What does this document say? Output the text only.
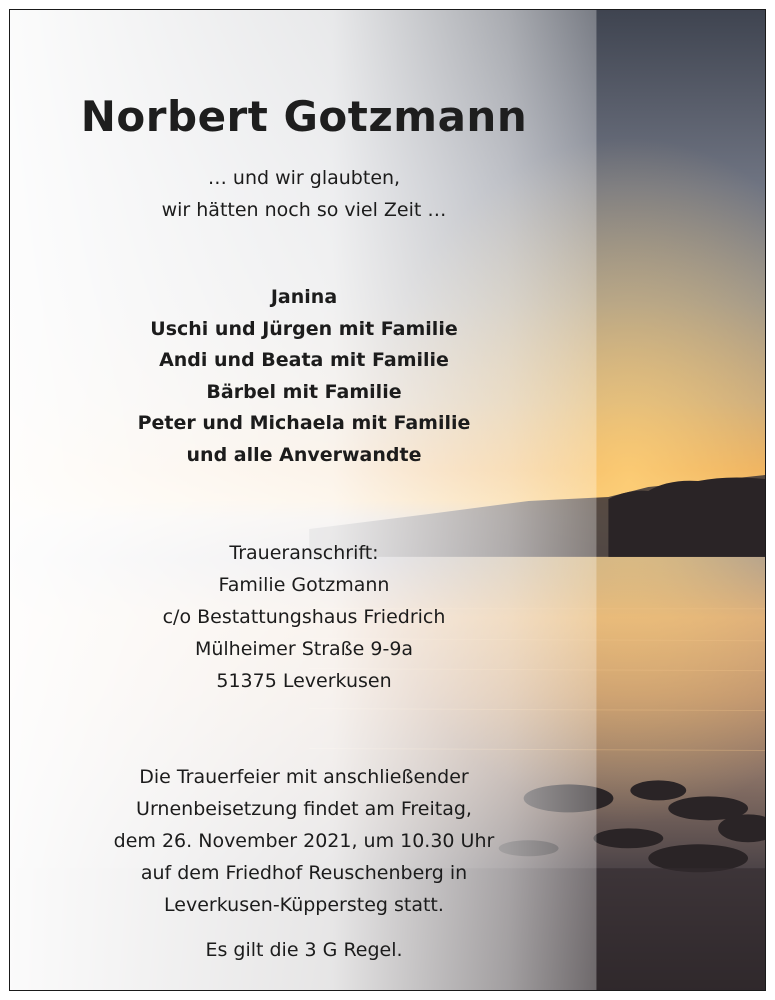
Norbert Gotzmann
… und wir glaubten,
wir hätten noch so viel Zeit …
Janina
Uschi und Jürgen mit Familie
Andi und Beata mit Familie
Bärbel mit Familie
Peter und Michaela mit Familie
und alle Anverwandte
Traueranschrift:
Familie Gotzmann
c/o Bestattungshaus Friedrich
Mülheimer Straße 9-9a
51375 Leverkusen
Die Trauerfeier mit anschließender
Urnenbeisetzung findet am Freitag,
dem 26. November 2021, um 10.30 Uhr
auf dem Friedhof Reuschenberg in
Leverkusen-Küppersteg statt.
Es gilt die 3 G Regel.
